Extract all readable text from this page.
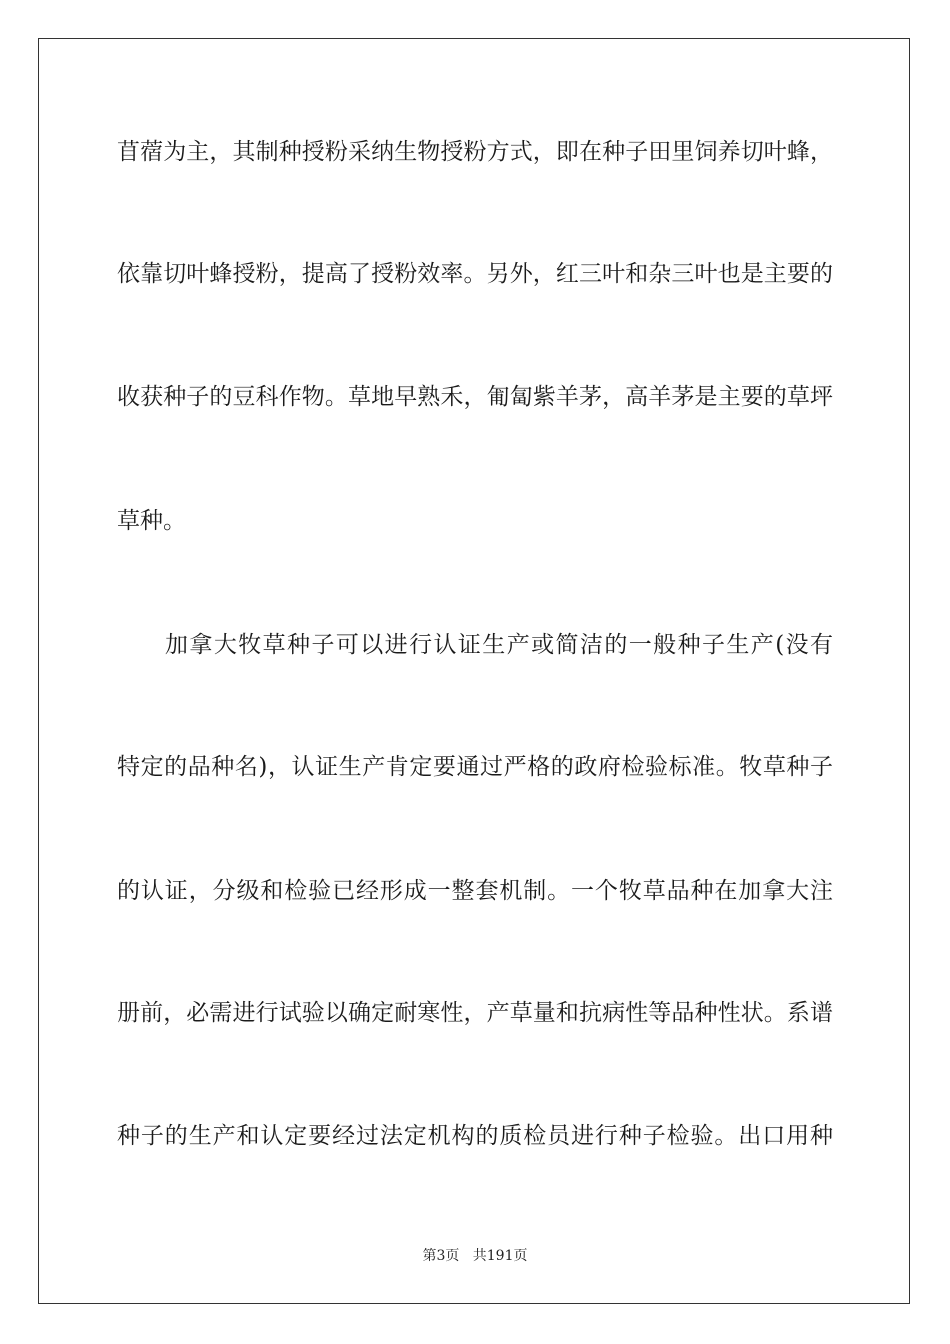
苜蓿为主，其制种授粉采纳生物授粉方式，即在种子田里饲养切叶蜂，
依靠切叶蜂授粉，提高了授粉效率。另外，红三叶和杂三叶也是主要的
收获种子的豆科作物。草地早熟禾，匍匐紫羊茅，高羊茅是主要的草坪
草种。
加拿大牧草种子可以进行认证生产或简洁的一般种子生产(没有
特定的品种名)，认证生产肯定要通过严格的政府检验标准。牧草种子
的认证，分级和检验已经形成一整套机制。一个牧草品种在加拿大注
册前，必需进行试验以确定耐寒性，产草量和抗病性等品种性状。系谱
种子的生产和认定要经过法定机构的质检员进行种子检验。出口用种
第3页 共191页
